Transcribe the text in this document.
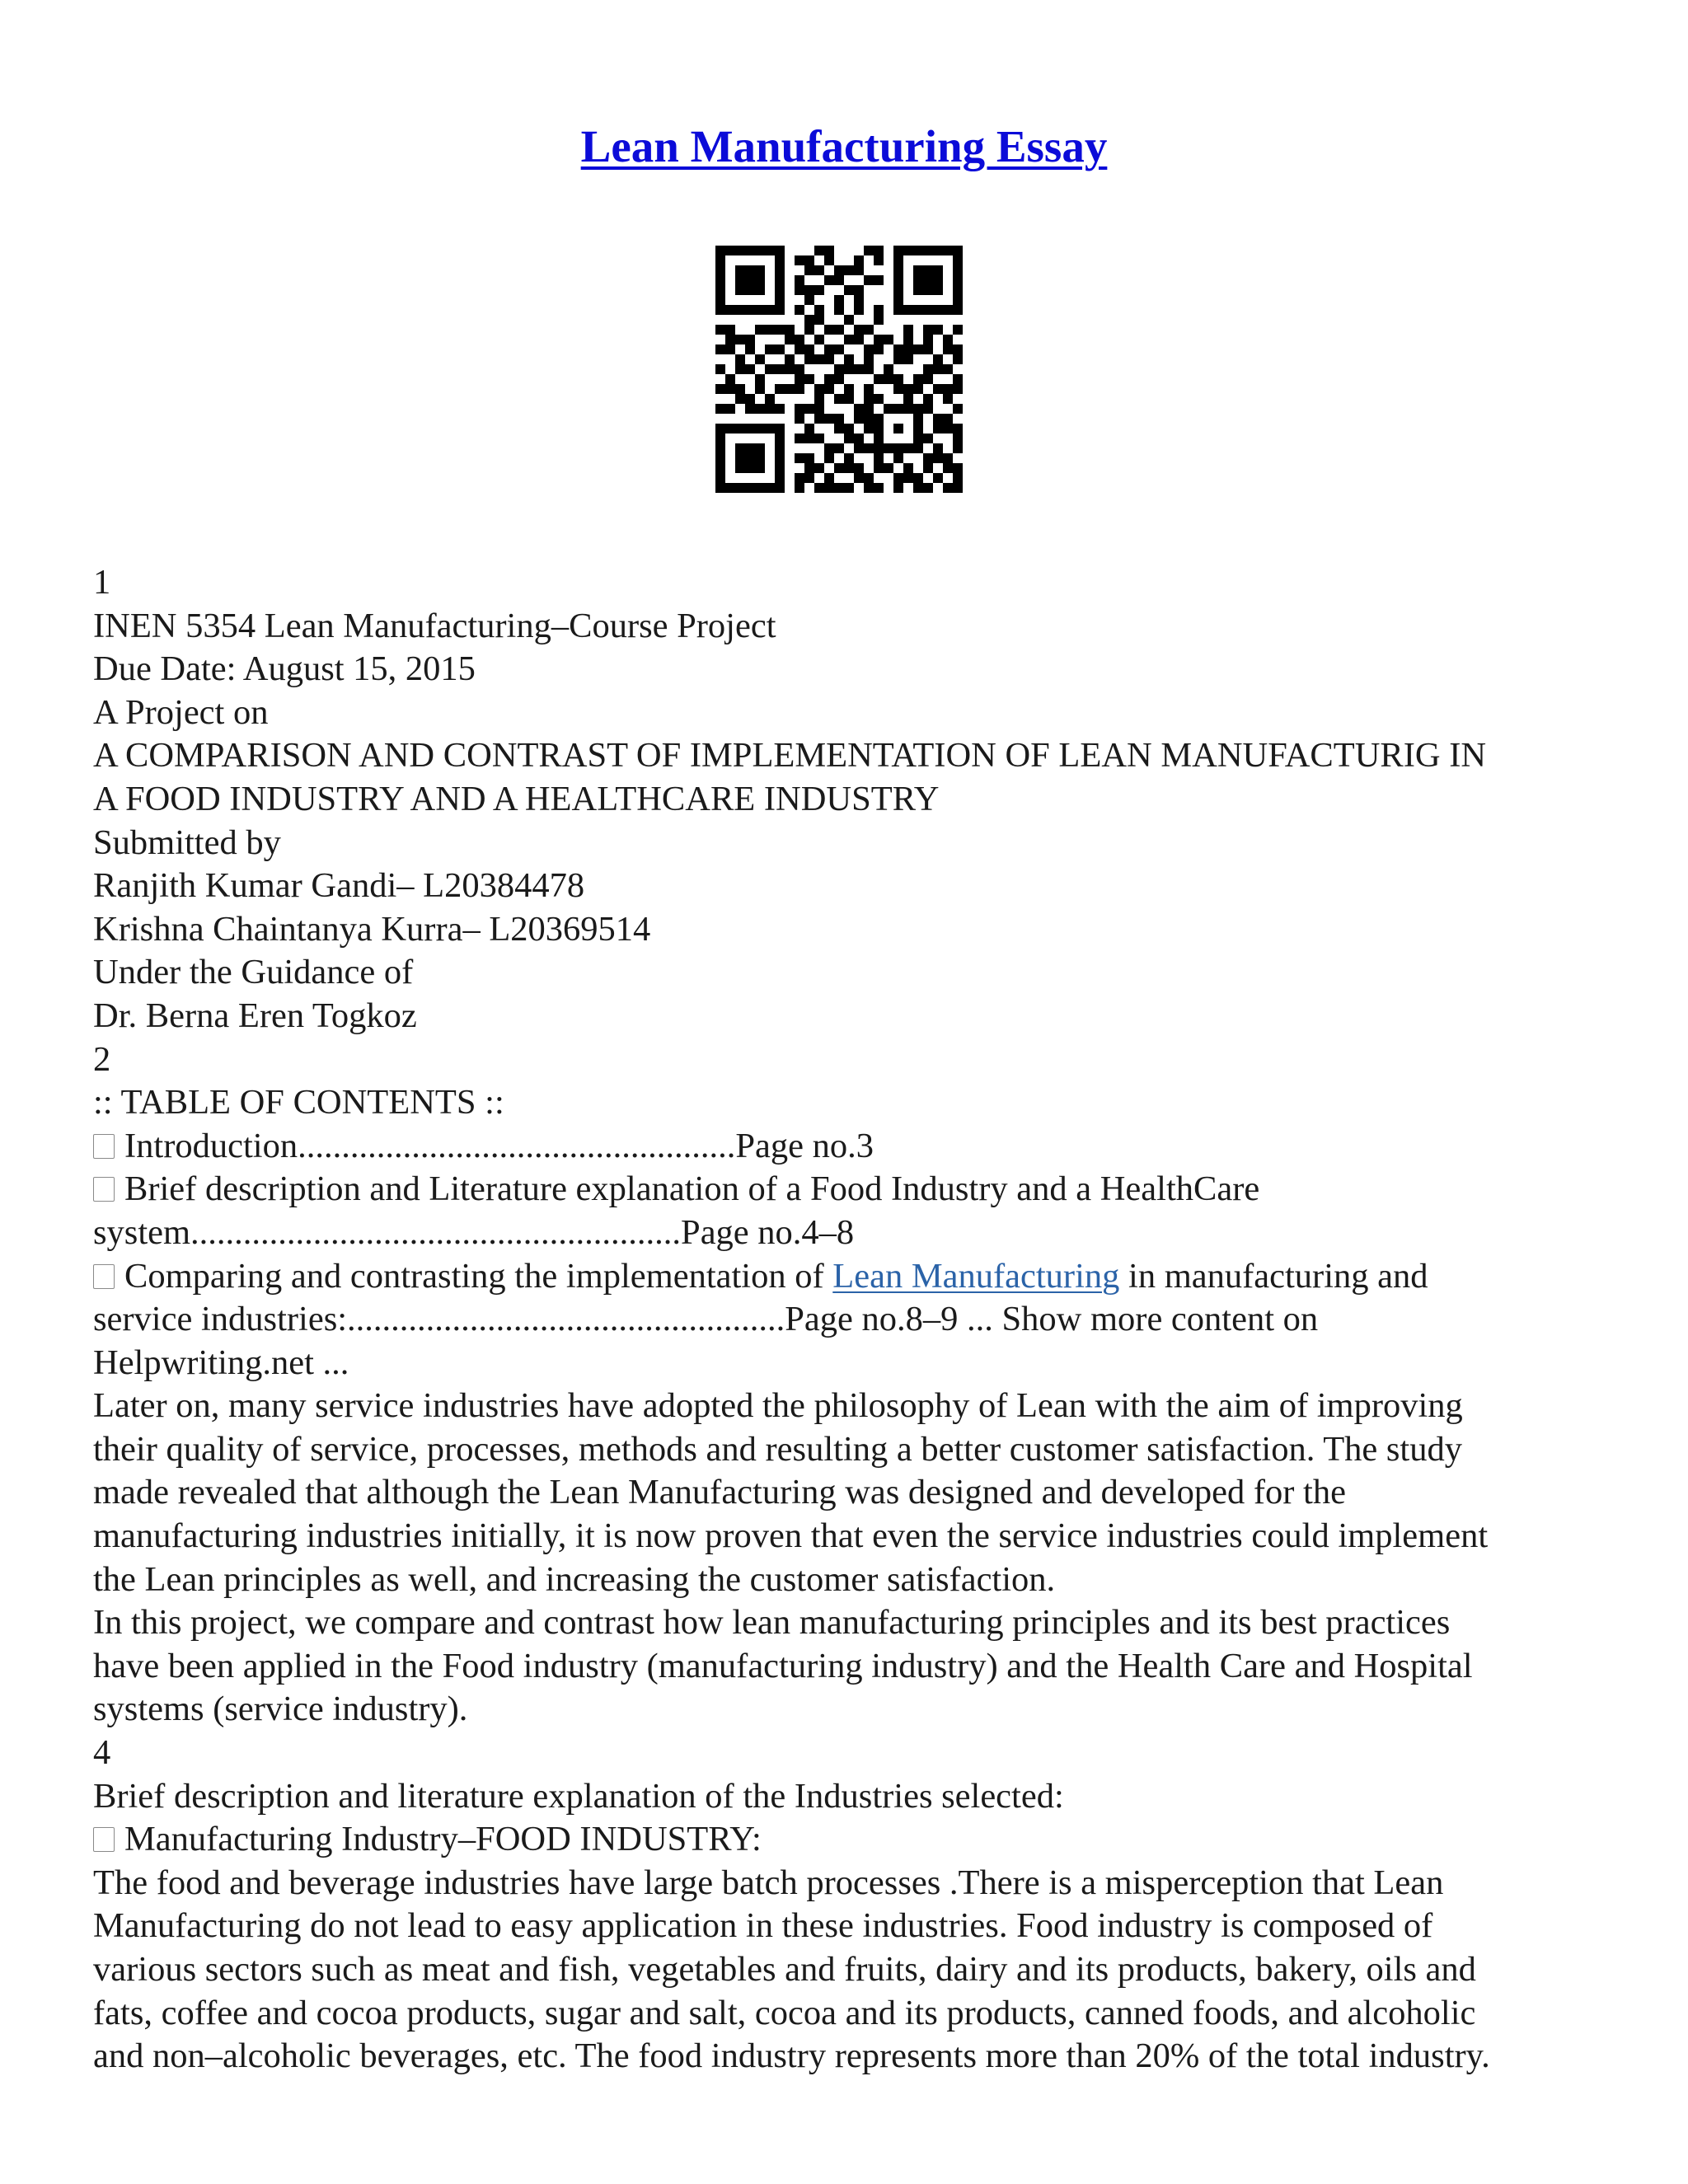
Lean Manufacturing Essay
1
INEN 5354 Lean Manufacturing–Course Project
Due Date: August 15, 2015
A Project on
A COMPARISON AND CONTRAST OF IMPLEMENTATION OF LEAN MANUFACTURIG IN
A FOOD INDUSTRY AND A HEALTHCARE INDUSTRY
Submitted by
Ranjith Kumar Gandi– L20384478
Krishna Chaintanya Kurra– L20369514
Under the Guidance of
Dr. Berna Eren Togkoz
2
:: TABLE OF CONTENTS ::
Introduction..................................................Page no.3
Brief description and Literature explanation of a Food Industry and a HealthCare
system........................................................Page no.4–8
Comparing and contrasting the implementation of Lean Manufacturing in manufacturing and
service industries:..................................................Page no.8–9 ... Show more content on
Helpwriting.net ...
Later on, many service industries have adopted the philosophy of Lean with the aim of improving
their quality of service, processes, methods and resulting a better customer satisfaction. The study
made revealed that although the Lean Manufacturing was designed and developed for the
manufacturing industries initially, it is now proven that even the service industries could implement
the Lean principles as well, and increasing the customer satisfaction.
In this project, we compare and contrast how lean manufacturing principles and its best practices
have been applied in the Food industry (manufacturing industry) and the Health Care and Hospital
systems (service industry).
4
Brief description and literature explanation of the Industries selected:
Manufacturing Industry–FOOD INDUSTRY:
The food and beverage industries have large batch processes .There is a misperception that Lean
Manufacturing do not lead to easy application in these industries. Food industry is composed of
various sectors such as meat and fish, vegetables and fruits, dairy and its products, bakery, oils and
fats, coffee and cocoa products, sugar and salt, cocoa and its products, canned foods, and alcoholic
and non–alcoholic beverages, etc. The food industry represents more than 20% of the total industry.
